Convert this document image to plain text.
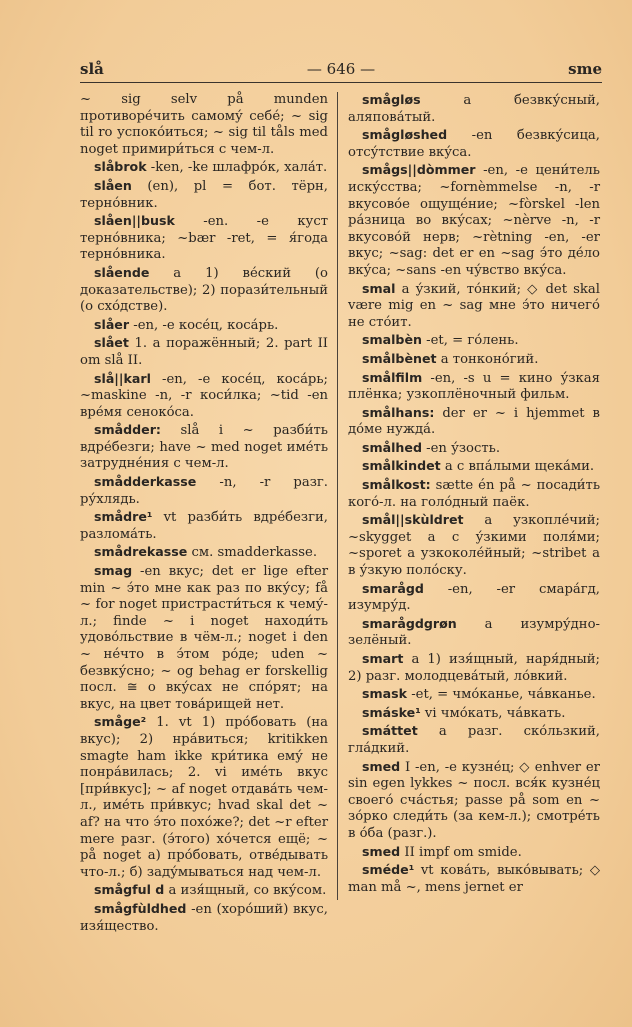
slå	— 646 —	sme
~ sig selv på munden противоре́чить самому́ себе́; ~ sig til ro успоко́иться; ~ sig til tåls med noget примири́ться с чем-л.
slåbrok -ken, -ke шлафро́к, хала́т.
slåen (en), pl = бот. тёрн, терно́вник.
slåen||busk -en. -e куст терно́вника; ~bær -ret, = я́года терно́вника.
slående a 1) ве́ский (о доказательстве); 2) порази́тельный (о схо́дстве).
slåer -en, -e косе́ц, коса́рь.
slået 1. a поражённый; 2. part II om slå II.
slå||karl -en, -e косе́ц, коса́рь; ~maskine -n, -r коси́лка; ~tid -en вре́мя сеноко́са.
smådder: slå i ~ разби́ть вдре́безги; have ~ med noget име́ть затрудне́ния с чем-л.
smådderkasse -n, -r разг. ру́хлядь.
smådre¹ vt разби́ть вдре́безги, разлома́ть.
smådrekasse см. smadderkasse.
smag -en вкус; det er lige efter min ~ э́то мне как раз по вку́су; få ~ for noget пристрасти́ться к чему́-л.; finde ~ i noget находи́ть удово́льствие в чём-л.; noget i den ~ не́что в э́том ро́де; uden ~ безвку́сно; ~ og behag er forskellig посл. ≅ о вку́сах не спо́рят; на вкус, на цвет това́рищей нет.
småge² 1. vt 1) про́бовать (на вкус); 2) нра́виться; kritikken smagte ham ikke кри́тика ему́ не понра́вилась; 2. vi име́ть вкус [при́вкус]; ~ af noget отдава́ть чем-л., име́ть при́вкус; hvad skal det ~ af? на что э́то похо́же?; det ~r efter mere разг. (э́того) хо́чется ещё; ~ på noget а) про́бовать, отве́дывать что-л.; б) заду́мываться над чем-л.
smågful d a изя́щный, со вку́сом.
smågfùldhed -en (хоро́ший) вкус, изя́щество.
smågløs a безвку́сный, аляпова́тый.
smågløshed -en безвку́сица, отсу́тствие вку́са.
smågs||dòmmer -en, -e цени́тель иску́сства; ~fornèmmelse -n, -r вкусово́е ощуще́ние; ~fòrskel -len ра́зница во вку́сах; ~nèrve -n, -r вкусово́й нерв; ~rètning -en, -er вкус; ~sag: det er en ~sag э́то де́ло вку́са; ~sans -en чу́вство вку́са.
smal a у́зкий, то́нкий; ◇ det skal være mig en ~ sag мне э́то ничего́ не сто́ит.
smalbèn -et, = го́лень.
smålbènet a тонконо́гий.
smålfilm -en, -s u = кино у́зкая плёнка; узкоплёночный фильм.
smålhans: der er ~ i hjemmet в до́ме нужда́.
smålhed -en у́зость.
smålkindet a с впа́лыми щека́ми.
smålkost: sætte én på ~ посади́ть кого́-л. на голо́дный паёк.
smål||skùldret a узкопле́чий; ~skygget a с у́зкими поля́ми; ~sporet a узкоколе́йный; ~stribet a в у́зкую поло́ску.
smarågd -en, -er смара́гд, изумру́д.
smarågdgrøn a изумру́дно-зелёный.
smart a 1) изя́щный, наря́дный; 2) разг. молодцева́тый, ло́вкий.
smask -et, = чмо́канье, ча́вканье.
smáske¹ vi чмо́кать, ча́вкать.
smáttet a разг. ско́льзкий, гла́дкий.
smed I -en, -e кузне́ц; ◇ enhver er sin egen lykkes ~ посл. вся́к кузне́ц своего́ сча́стья; passe på som en ~ зо́рко следи́ть (за кем-л.); смотре́ть в о́ба (разг.).
smed II impf om smide.
sméde¹ vt кова́ть, выко́вывать; ◇ man må ~, mens jernet er
